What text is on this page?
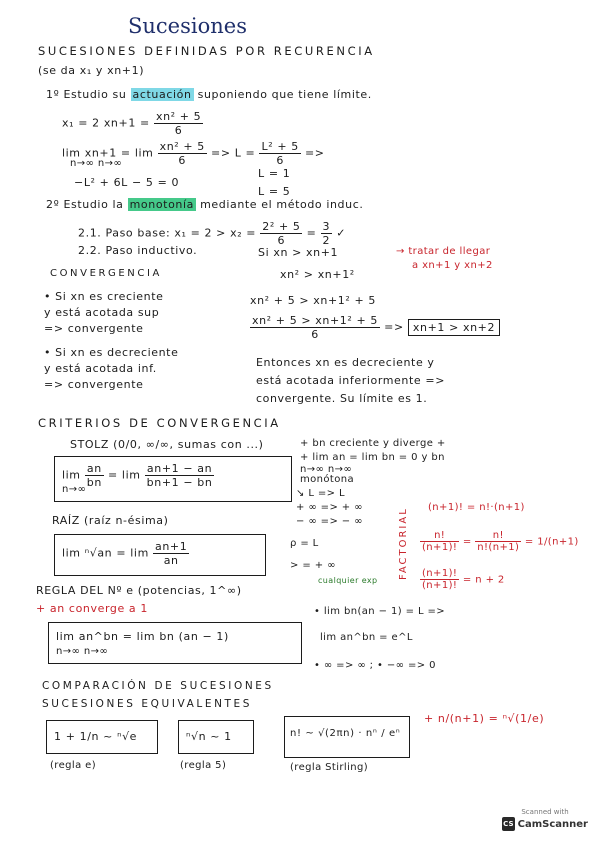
Sucesiones
SUCESIONES DEFINIDAS POR RECURENCIA
(se da x₁ y xn+1)
1º Estudio su actuación suponiendo que tiene límite.
x₁ = 2 $xn+1 = \frac{\text{xn² + 5}}{6}$
$\lim xn+1 = \lim \frac{\text{xn² + 5}}{6} => L = \frac{\text{L² + 5}}{6}$ =>
n→∞ n→∞
−L² + 6L − 5 = 0
L = 1
L = 5
2º Estudio la monotonía mediante el método induc.
2.1. Paso base: $x_1 = 2 > x_2 = \frac{\text{2² + 5}}{6} = \frac{3}{2}$ ✓
2.2. Paso inductivo.	Si xn > xn+1	→ tratar de llegar
a xn+1 y xn+2
xn² > xn+1²
CONVERGENCIA
• Si xn es creciente
y está acotada sup
=> convergente
• Si xn es decreciente
y está acotada inf.
=> convergente
xn² + 5 > xn+1² + 5
$\frac{\text{xn² + 5 > xn+1² + 5}}{6} => xn+1 > xn+2$
Entonces xn es decreciente y
está acotada inferiormente =>
convergente. Su límite es 1.
CRITERIOS DE CONVERGENCIA
STOLZ (0/0, ∞/∞, sumas con ...)
$\lim \frac{an}{bn} = \lim \frac{an+1 - an}{bn+1 - bn}$
n→∞
+ bn creciente y diverge +
+ lim an = lim bn = 0 y bn
n→∞ n→∞
monótona
↘ L => L
+ ∞ => + ∞
− ∞ => − ∞
RAÍZ (raíz n-ésima)
$\lim ^n√an = \lim \frac{an+1}{an}$	ρ = L
> = + ∞	FACTORIAL (n+1)! = n!·(n+1)
$\frac{n!}{(n+1)!} = \frac{n!}{n!(n+1)} = 1/(n+1)$
$\frac{(n+1)!}{(n+1)!} = n + 2$
REGLA DEL Nº e (potencias, 1^∞)
cualquier exp
+ an converge a 1
lim an^bn = lim bn (an − 1)
n→∞ n→∞
• lim bn(an − 1) = L =>
lim an^bn = e^L
• ∞ => ∞ ; • −∞ => 0
COMPARACIÓN DE SUCESIONES
SUCESIONES EQUIVALENTES
1 + 1/n ~ ⁿ√e	ⁿ√n ~ 1	n! ~ √(2πn) · nⁿ / eⁿ
+ n/(n+1) = ⁿ√(1/e)
(regla e)	(regla 5)	(regla Stirling)
Scanned with
CS CamScanner
